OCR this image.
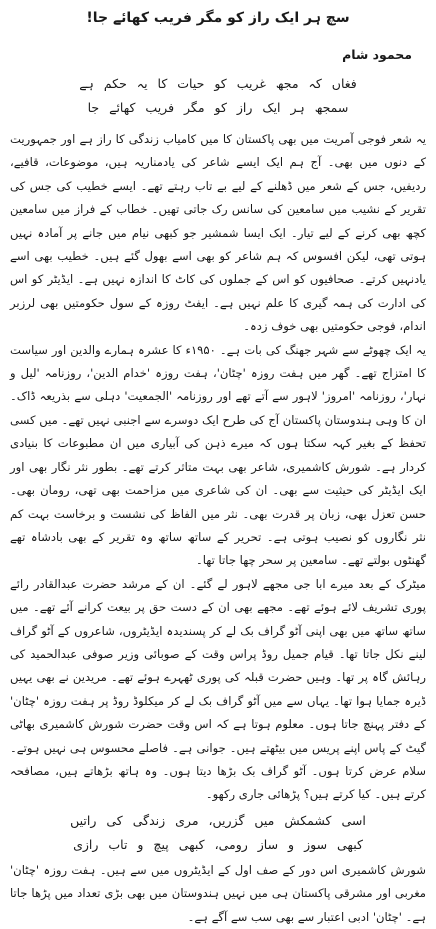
سچ ہر ایک راز کو مگر فریب کھائے جا!
محمود شام

فغاں کہ مجھ غریب کو حیات کا یہ حکم ہے

سمجھ ہر ایک راز کو مگر فریب کھائے جا

یہ شعر فوجی آمریت میں بھی پاکستان کا میں کامیاب زندگی کا راز ہے اور جمہوریت کے دنوں میں بھی۔ آج ہم ایک ایسے شاعر کی یادمناریہ ہیں، موضوعات، قافیے، ردیفیں، جس کے شعر میں ڈھلنے کے لیے بے تاب رہتے تھے۔ ایسے خطیب کی جس کی تقریر کے نشیب میں سامعین کی سانس رک جاتی تھیں۔ خطاب کے فراز میں سامعین کچھ بھی کرنے کے لیے تیار۔ ایک ایسا شمشیر جو کبھی نیام میں جانے پر آمادہ نہیں ہوتی تھی، لیکن افسوس کہ ہم شاعر کو بھی اسے بھول گئے ہیں۔ خطیب بھی اسے یادنہیں کرتے۔ صحافیوں کو اس کے جملوں کی کاٹ کا اندازہ نہیں ہے۔ ایڈیٹر کو اس کی ادارت کی ہمہ گیری کا علم نہیں ہے۔ ایفٹ روزہ کے سول حکومتیں بھی لرزبر اندام، فوجی حکومتیں بھی خوف زدہ۔

یہ ایک چھوٹے سے شہر جھنگ کی بات ہے۔ ۱۹۵۰ء کا عشرہ ہمارے والدین اور سیاست کا امتزاج تھے۔ گھر میں ہفت روزہ 'چٹان'، ہفت روزہ 'خدام الدین'، روزنامہ 'لیل و نہار'، روزنامہ 'امروز' لاہور سے آتے تھے اور روزنامہ 'الجمعیت' دہلی سے بذریعہ ڈاک۔ ان کا وہی ہندوستان پاکستان آج کی طرح ایک دوسرے سے اجنبی نہیں تھے۔ میں کسی تحفظ کے بغیر کہہ سکتا ہوں کہ میرے ذہن کی آبیاری میں ان مطبوعات کا بنیادی کردار ہے۔ شورش کاشمیری، شاعر بھی بہت متاثر کرتے تھے۔ بطور نثر نگار بھی اور ایک ایڈیٹر کی حیثیت سے بھی۔ ان کی شاعری میں مزاحمت بھی تھی، رومان بھی۔ حسن تعزل بھی، زبان پر قدرت بھی۔ نثر میں الفاظ کی نشست و برخاست بہت کم نثر نگاروں کو نصیب ہوتی ہے۔ تحریر کے ساتھ ساتھ وہ تقریر کے بھی بادشاہ تھے گھنٹوں بولتے تھے۔ سامعین پر سحر چھا جاتا تھا۔

میٹرک کے بعد میرے ابا جی مجھے لاہور لے گئے۔ ان کے مرشد حضرت عبدالقادر رائے پوری تشریف لائے ہوئے تھے۔ مجھے بھی ان کے دست حق پر بیعت کرانے آئے تھے۔ میں ساتھ ساتھ میں بھی اپنی آٹو گراف بک لے کر پسندیدہ ایڈیٹروں، شاعروں کے آٹو گراف لینے نکل جاتا تھا۔ قیام جمیل روڈ پراس وقت کے صوبائی وزیر صوفی عبدالحمید کی رہائش گاہ پر تھا۔ وہیں حضرت قبلہ کی پوری ٹھہرے ہوئے تھے۔ مریدین نے بھی یہیں ڈیرہ جمایا ہوا تھا۔ یہاں سے میں آٹو گراف بک لے کر میکلوڈ روڈ پر ہفت روزہ 'چٹان' کے دفتر پہنچ جاتا ہوں۔ معلوم ہوتا ہے کہ اس وقت حضرت شورش کاشمیری بھاٹی گیٹ کے پاس اپنے پریس میں بیٹھتے ہیں۔ جوانی ہے۔ فاصلے محسوس ہی نہیں ہوتے۔ سلام عرض کرتا ہوں۔ آٹو گراف بک بڑھا دیتا ہوں۔ وہ ہاتھ بڑھاتے ہیں، مصافحہ کرتے ہیں۔ کیا کرتے ہیں؟ پڑھائی جاری رکھو۔

اسی کشمکش میں گزریں، مری زندگی کی راتیں

کبھی سوز و ساز رومی، کبھی پیچ و تاب رازی

شورش کاشمیری اس دور کے صف اول کے ایڈیٹروں میں سے ہیں۔ ہفت روزہ 'چٹان' مغربی اور مشرقی پاکستان ہی میں نہیں ہندوستان میں بھی بڑی تعداد میں پڑھا جاتا ہے۔ 'چٹان' ادبی اعتبار سے بھی سب سے آگے ہے۔
